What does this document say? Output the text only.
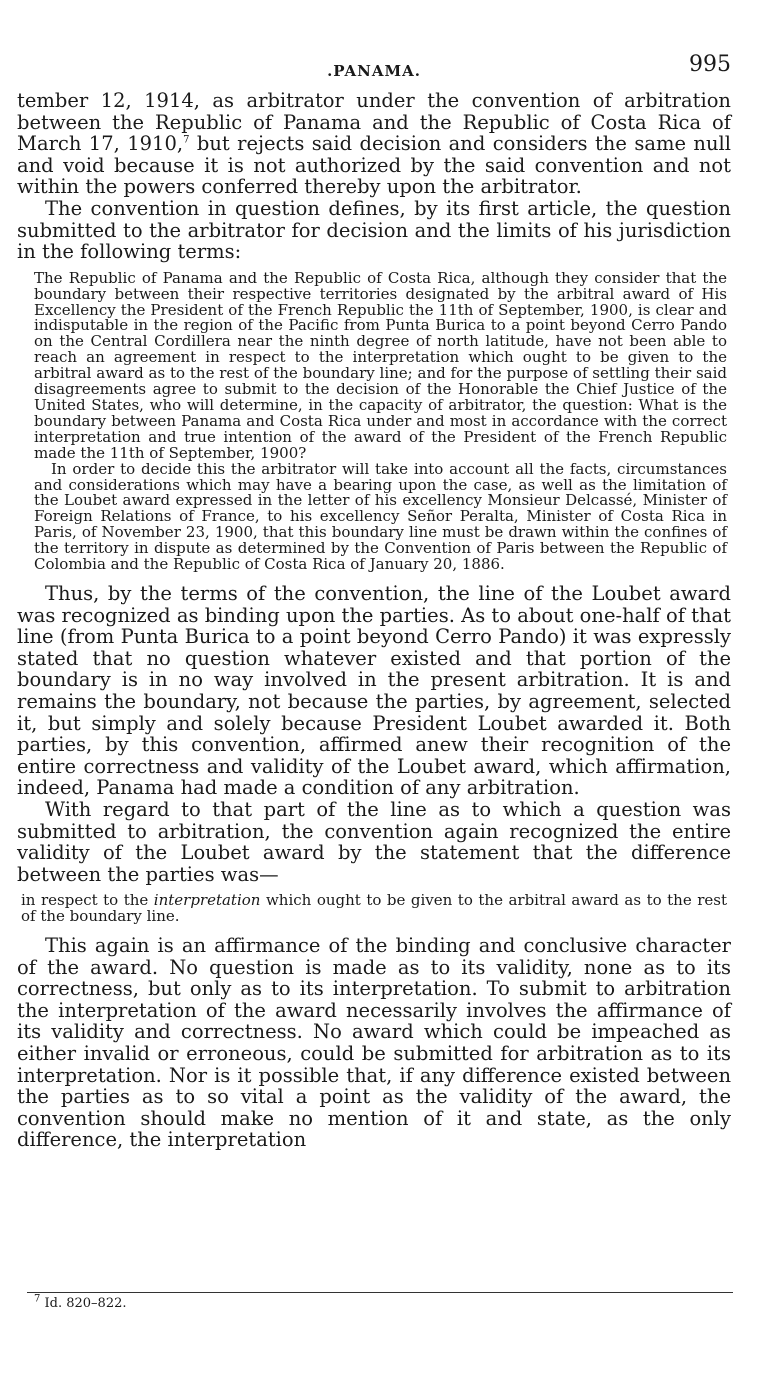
.PANAMA.	995

tember 12, 1914, as arbitrator under the convention of arbitration between the Republic of Panama and the Republic of Costa Rica of March 17, 1910,$^7$ but rejects said decision and considers the same null and void because it is not authorized by the said convention and not within the powers conferred thereby upon the arbitrator.

The convention in question defines, by its first article, the question submitted to the arbitrator for decision and the limits of his jurisdiction in the following terms:

The Republic of Panama and the Republic of Costa Rica, although they consider that the boundary between their respective territories designated by the arbitral award of His Excellency the President of the French Republic the 11th of September, 1900, is clear and indisputable in the region of the Pacific from Punta Burica to a point beyond Cerro Pando on the Central Cordillera near the ninth degree of north latitude, have not been able to reach an agreement in respect to the interpretation which ought to be given to the arbitral award as to the rest of the boundary line; and for the purpose of settling their said disagreements agree to submit to the decision of the Honorable the Chief Justice of the United States, who will determine, in the capacity of arbitrator, the question: What is the boundary between Panama and Costa Rica under and most in accordance with the correct interpretation and true intention of the award of the President of the French Republic made the 11th of September, 1900?

In order to decide this the arbitrator will take into account all the facts, circumstances and considerations which may have a bearing upon the case, as well as the limitation of the Loubet award expressed in the letter of his excellency Monsieur Delcassé, Minister of Foreign Relations of France, to his excellency Señor Peralta, Minister of Costa Rica in Paris, of November 23, 1900, that this boundary line must be drawn within the confines of the territory in dispute as determined by the Convention of Paris between the Republic of Colombia and the Republic of Costa Rica of January 20, 1886.

Thus, by the terms of the convention, the line of the Loubet award was recognized as binding upon the parties. As to about one-half of that line (from Punta Burica to a point beyond Cerro Pando) it was expressly stated that no question whatever existed and that portion of the boundary is in no way involved in the present arbitration. It is and remains the boundary, not because the parties, by agreement, selected it, but simply and solely because President Loubet awarded it. Both parties, by this convention, affirmed anew their recognition of the entire correctness and validity of the Loubet award, which affirmation, indeed, Panama had made a condition of any arbitration.

With regard to that part of the line as to which a question was submitted to arbitration, the convention again recognized the entire validity of the Loubet award by the statement that the difference between the parties was—

in respect to the interpretation which ought to be given to the arbitral award as to the rest of the boundary line.

This again is an affirmance of the binding and conclusive character of the award. No question is made as to its validity, none as to its correctness, but only as to its interpretation. To submit to arbitration the interpretation of the award necessarily involves the affirmance of its validity and correctness. No award which could be impeached as either invalid or erroneous, could be submitted for arbitration as to its interpretation. Nor is it possible that, if any difference existed between the parties as to so vital a point as the validity of the award, the convention should make no mention of it and state, as the only difference, the interpretation

$^7$ Id. 820–822.
